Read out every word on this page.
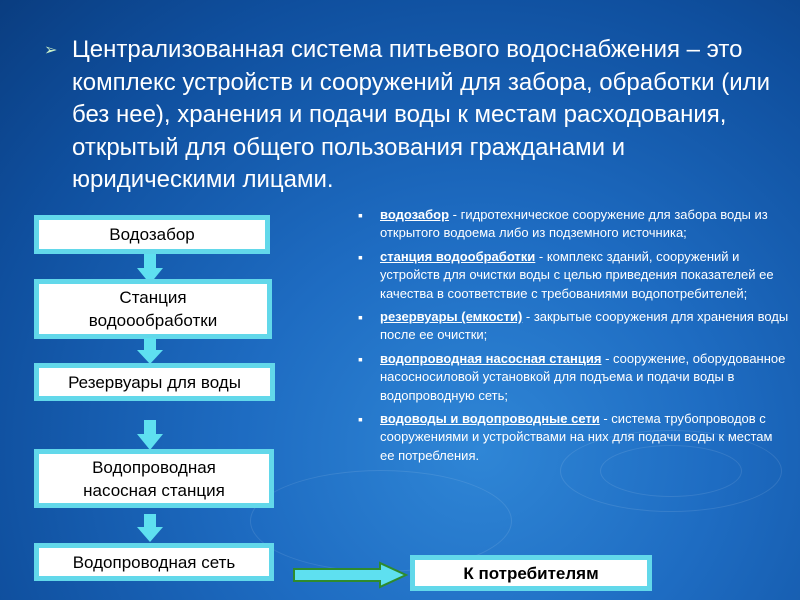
➢ Централизованная система питьевого водоснабжения – это комплекс устройств и сооружений для забора, обработки (или без нее), хранения и подачи воды к местам расходования, открытый для общего пользования гражданами и юридическими лицами.
Водозабор
Станция
водоообработки
Резервуары для воды
Водопроводная
насосная станция
Водопроводная сеть
К потребителям
▪ водозабор - гидротехническое сооружение для забора воды из открытого водоема либо из подземного источника;
▪ станция водообработки - комплекс зданий, сооружений и устройств для очистки воды с целью приведения показателей ее качества в соответствие с требованиями водопотребителей;
▪ резервуары (емкости) - закрытые сооружения для хранения воды после ее очистки;
▪ водопроводная насосная станция - сооружение, оборудованное насосносиловой установкой для подъема и подачи воды в водопроводную сеть;
▪ водоводы и водопроводные сети - система трубопроводов с сооружениями и устройствами на них для подачи воды к местам ее потребления.
